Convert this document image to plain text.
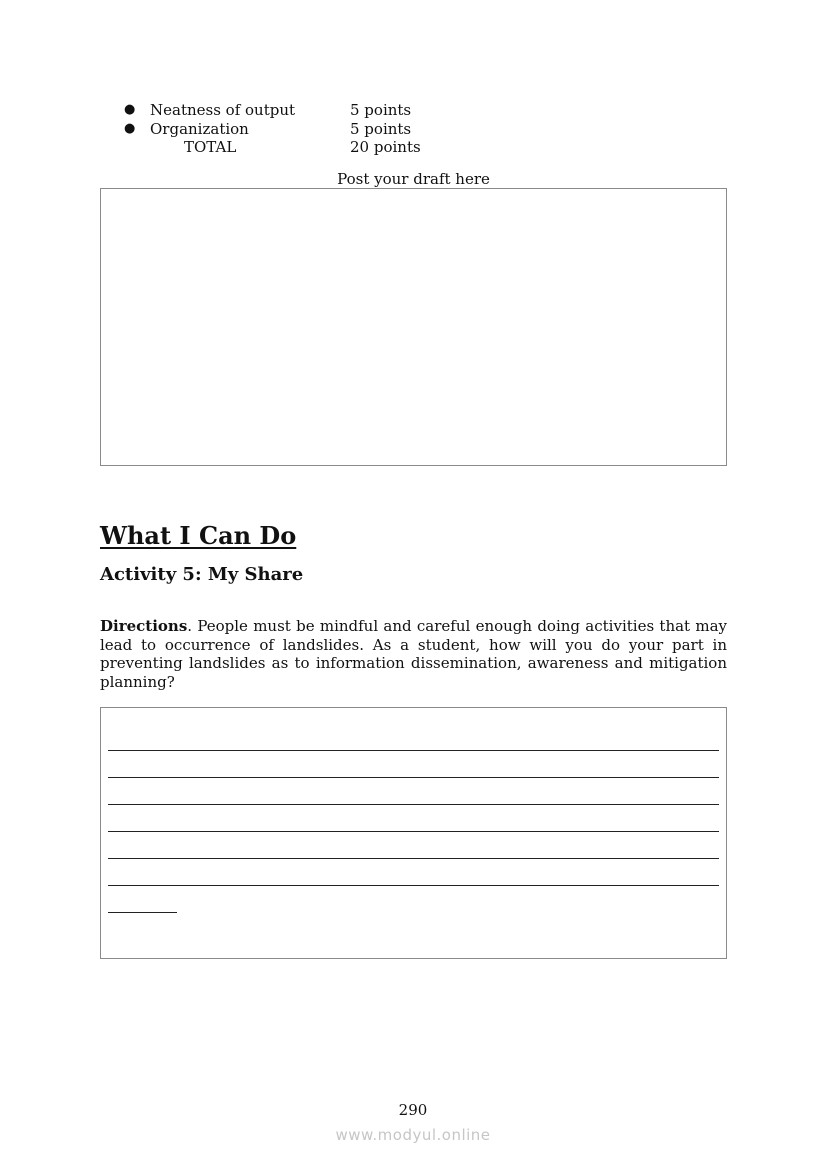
● Neatness of output	5 points
● Organization	5 points
TOTAL	20 points
Post your draft here
What I Can Do
Activity 5: My Share
Directions. People must be mindful and careful enough doing activities that may lead to occurrence of landslides. As a student, how will you do your part in preventing landslides as to information dissemination, awareness and mitigation planning?
290
www.modyul.online
